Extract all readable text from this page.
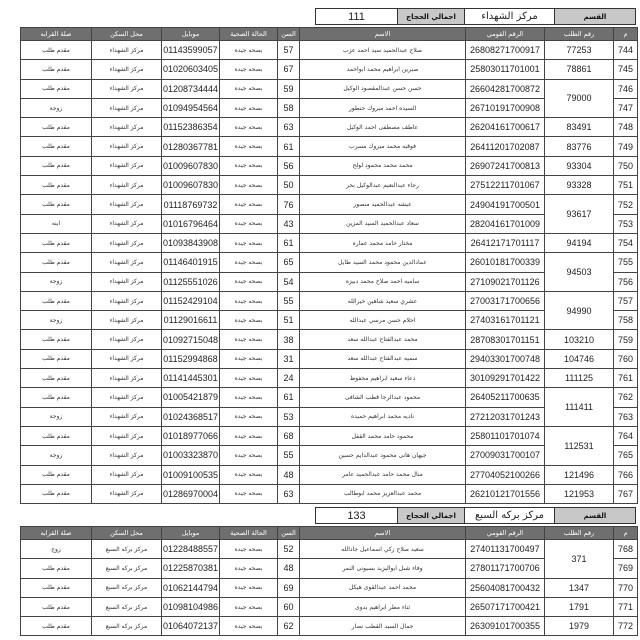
القسم
مركز الشهداء
اجمالي الحجاج
111
م	رقم الطلب	الرقم القومي	الاسم	السن	الحالة الصحية	موبايل	محل السكن	صلة القرابه
744	77253	26808271700917	صلاح عبدالحميد سيد احمد عزب	57	بصحه جيده	01143599057	مركز الشهداء	مقدم طلب
745	78861	25803011701001	صبرين ابراهيم محمد ابواحمد	67	بصحه جيده	01020603405	مركز الشهداء	مقدم طلب
746	79000	26604281700872	حسن حسن عبدالمقصود الوكيل	59	بصحه جيده	01208734444	مركز الشهداء	مقدم طلب
747		26710191700908	السيده احمد مبروك حنطور	58	بصحه جيده	01094954564	مركز الشهداء	زوجة
748	83491	26204161700617	عاطف مصطفى احمد الوكيل	63	بصحه جيده	01152386354	مركز الشهداء	مقدم طلب
749	83776	26411201702087	فوقيه محمد مبروك مسرب	61	بصحه جيده	01280367781	مركز الشهداء	مقدم طلب
750	93304	26907241700813	محمد محمد محمود لولح	56	بصحه جيده	01009607830	مركز الشهداء	مقدم طلب
751	93328	27512211701067	رجاء عبدالنعيم عبدالوكيل بحر	50	بصحه جيده	01009607830	مركز الشهداء	مقدم طلب
752	93617	24904191700501	عيشه عبدالحميد منصور	76	بصحه جيده	01118769732	مركز الشهداء	مقدم طلب
753		28204161701009	سعاد عبدالحميد السيد المزين	43	بصحه جيده	01016796464	مركز الشهداء	ابنه
754	94194	26412171701117	مختار حامد محمد عماره	61	بصحه جيده	01093843908	مركز الشهداء	مقدم طلب
755	94503	26010181700339	عمادالدين محمود محمد السيد طايل	65	بصحه جيده	01146401915	مركز الشهداء	مقدم طلب
756		27109021701126	ساميه احمد صلاح محمد دبيزه	54	بصحه جيده	01125551026	مركز الشهداء	زوجة
757	94990	27003171700656	عشري سعيد شاهين خيرالله	55	بصحه جيده	01152429104	مركز الشهداء	مقدم طلب
758		27403161701121	احلام حسن مرسي عبدالله	51	بصحه جيده	01129016611	مركز الشهداء	زوجة
759	103210	28708301701151	محمد عبدالفتاح عبدالله سعد	38	بصحه جيده	01092715048	مركز الشهداء	مقدم طلب
760	104746	29403301700748	سميه عبدالفتاح عبدالله سعد	31	بصحه جيده	01152994868	مركز الشهداء	مقدم طلب
761	111125	30109291701422	دعاء سعيد ابراهيم محفوظ	24	بصحه جيده	01141445301	مركز الشهداء	مقدم طلب
762	111411	26405211700635	محمود عبدالرجا قطب الشافى	61	بصحه جيده	01005421879	مركز الشهداء	مقدم طلب
763		27212031701243	ناديه محمد ابراهيم حميده	53	بصحه جيده	01024368517	مركز الشهداء	زوجة
764	112531	25801101701074	محمود حامد محمد القفل	68	بصحه جيده	01018977066	مركز الشهداء	مقدم طلب
765		27009031700107	جيهان هانى محمود عبدالدايم حسين	55	بصحه جيده	01003323870	مركز الشهداء	زوجة
766	121496	27704052100266	منال محمد حامد عبدالحميد عامر	48	بصحه جيده	01009100535	مركز الشهداء	مقدم طلب
767	121953	26210121701556	محمد عبدالعزيز محمد ابوطالب	63	بصحه جيده	01286970004	مركز الشهداء	مقدم طلب
القسم
مركز بركه السبع
اجمالي الحجاج
133
م	رقم الطلب	الرقم القومي	الاسم	السن	الحالة الصحية	موبايل	محل السكن	صلة القرابه
768	371	27401131700497	سعيد صلاح زكي اسماعيل جادالله	52	بصحه جيده	01228488557	مركز بركه السبع	زوج
769		27801171700706	وفاء شبل ابواليزيد بسيونى النمر	48	بصحه جيده	01225870381	مركز بركه السبع	مقدم طلب
770	1347	25604081700432	محمد احمد عبدالقوى هيكل	69	بصحه جيده	01062144794	مركز بركه السبع	مقدم طلب
771	1791	26507171700421	ثناء مطر ابراهيم بدوى	60	بصحه جيده	01098104986	مركز بركه السبع	مقدم طلب
772	1979	26309101700355	جمال السيد القطب نصار	62	بصحه جيده	01064072137	مركز بركه السبع	مقدم طلب
